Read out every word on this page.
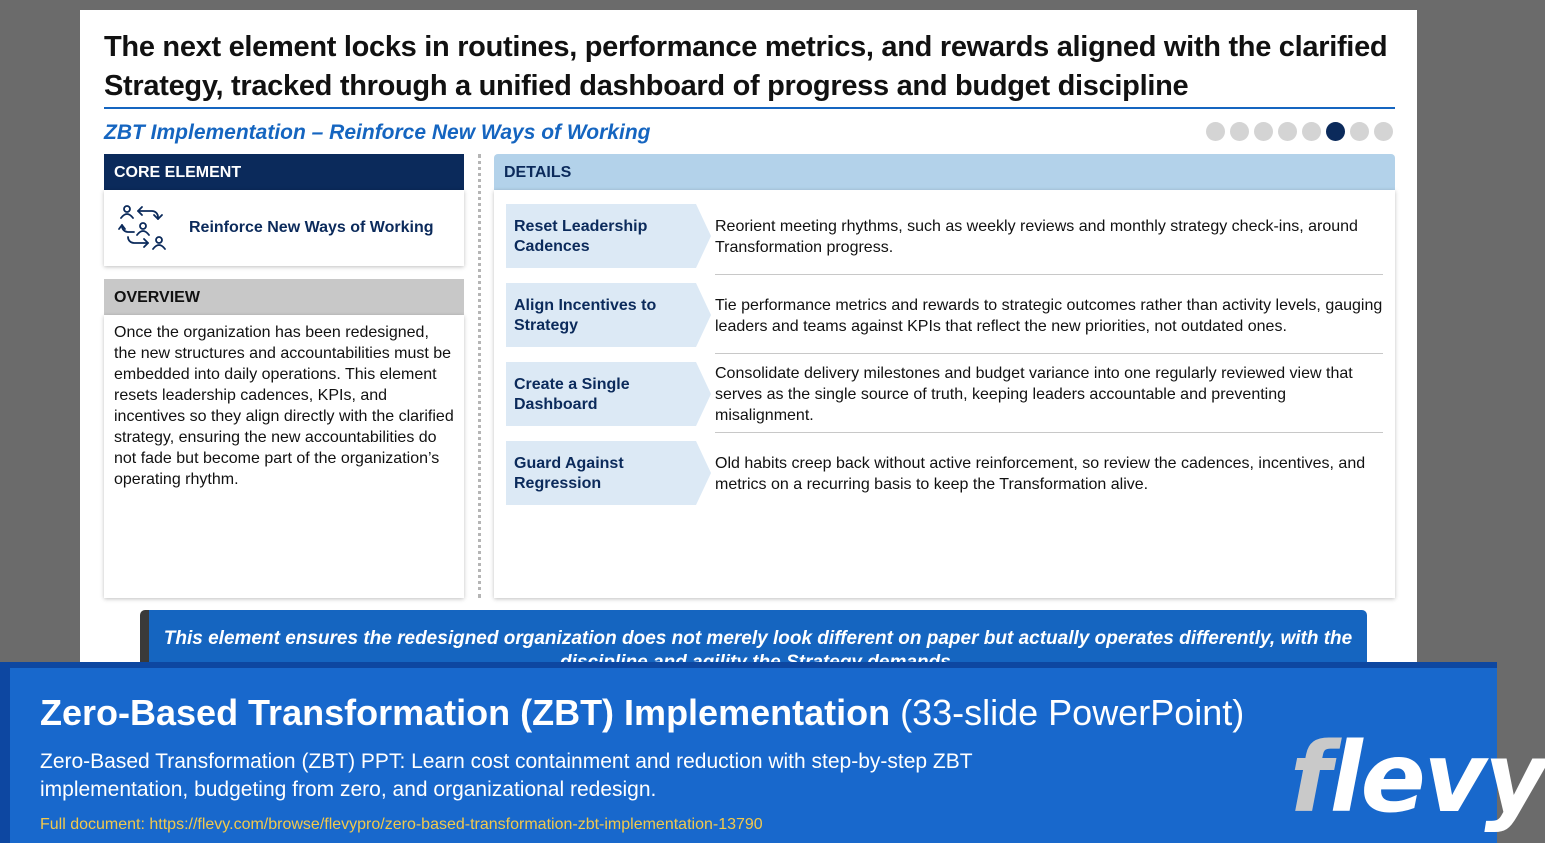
The next element locks in routines, performance metrics, and rewards aligned with the clarified Strategy, tracked through a unified dashboard of progress and budget discipline
ZBT Implementation – Reinforce New Ways of Working
CORE ELEMENT
Reinforce New Ways of Working
OVERVIEW
Once the organization has been redesigned, the new structures and accountabilities must be embedded into daily operations. This element resets leadership cadences, KPIs, and incentives so they align directly with the clarified strategy, ensuring the new accountabilities do not fade but become part of the organization’s operating rhythm.
DETAILS
Reset Leadership Cadences
Reorient meeting rhythms, such as weekly reviews and monthly strategy check-ins, around Transformation progress.
Align Incentives to Strategy
Tie performance metrics and rewards to strategic outcomes rather than activity levels, gauging leaders and teams against KPIs that reflect the new priorities, not outdated ones.
Create a Single Dashboard
Consolidate delivery milestones and budget variance into one regularly reviewed view that serves as the single source of truth, keeping leaders accountable and preventing misalignment.
Guard Against Regression
Old habits creep back without active reinforcement, so review the cadences, incentives, and metrics on a recurring basis to keep the Transformation alive.
This element ensures the redesigned organization does not merely look different on paper but actually operates differently, with the
Zero-Based Transformation (ZBT) Implementation (33-slide PowerPoint)
Zero-Based Transformation (ZBT) PPT: Learn cost containment and reduction with step-by-step ZBT implementation, budgeting from zero, and organizational redesign.
Full document: https://flevy.com/browse/flevypro/zero-based-transformation-zbt-implementation-13790	flevy
